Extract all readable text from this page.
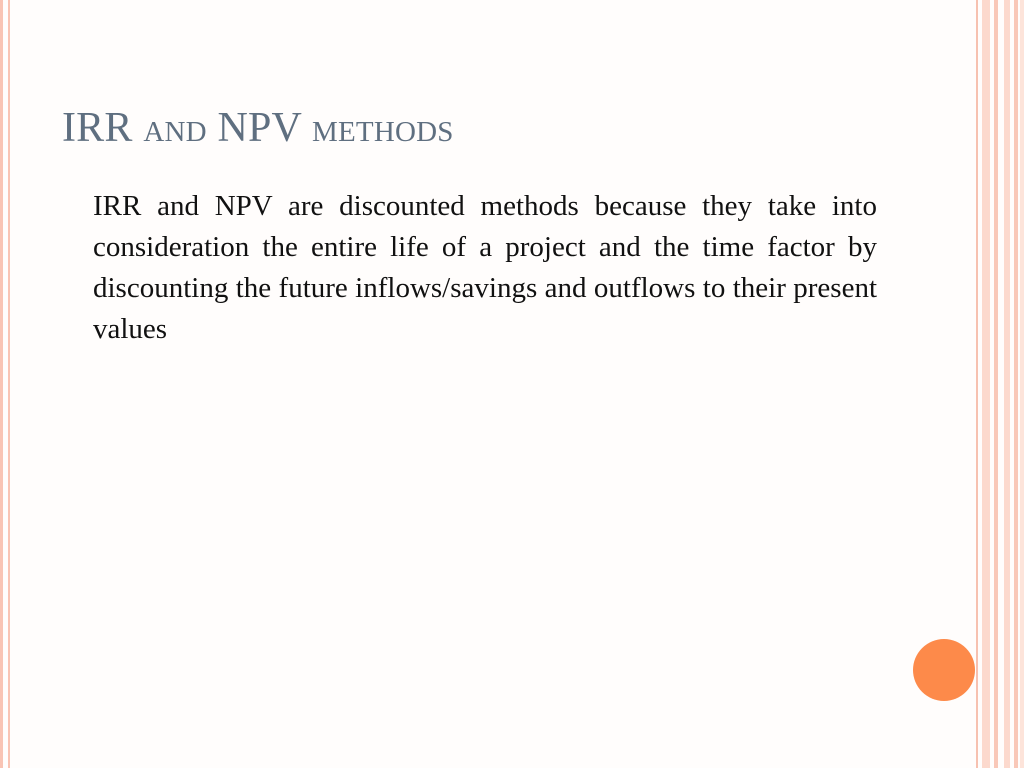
IRR and NPV methods

IRR and NPV are discounted methods because they take into consideration the entire life of a project and the time factor by discounting the future inflows/savings and outflows to their present values
